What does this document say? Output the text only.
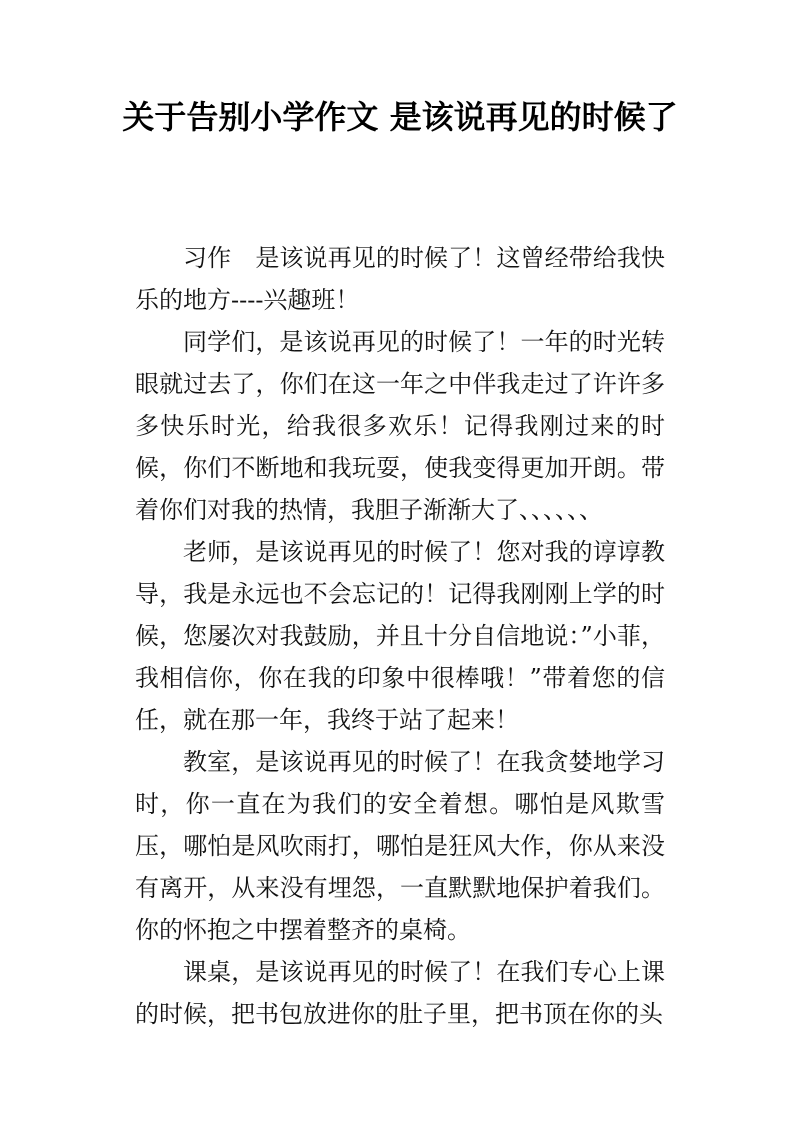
关于告别小学作文 是该说再见的时候了

习作　是该说再见的时候了！这曾经带给我快乐的地方----兴趣班！

同学们，是该说再见的时候了！一年的时光转眼就过去了，你们在这一年之中伴我走过了许许多多快乐时光，给我很多欢乐！记得我刚过来的时候，你们不断地和我玩耍，使我变得更加开朗。带着你们对我的热情，我胆子渐渐大了、、、、、、

老师，是该说再见的时候了！您对我的谆谆教导，我是永远也不会忘记的！记得我刚刚上学的时候，您屡次对我鼓励，并且十分自信地说：”小菲，我相信你，你在我的印象中很棒哦！”带着您的信任，就在那一年，我终于站了起来！

教室，是该说再见的时候了！在我贪婪地学习时，你一直在为我们的安全着想。哪怕是风欺雪压，哪怕是风吹雨打，哪怕是狂风大作，你从来没有离开，从来没有埋怨，一直默默地保护着我们。你的怀抱之中摆着整齐的桌椅。

课桌，是该说再见的时候了！在我们专心上课的时候，把书包放进你的肚子里，把书顶在你的头
